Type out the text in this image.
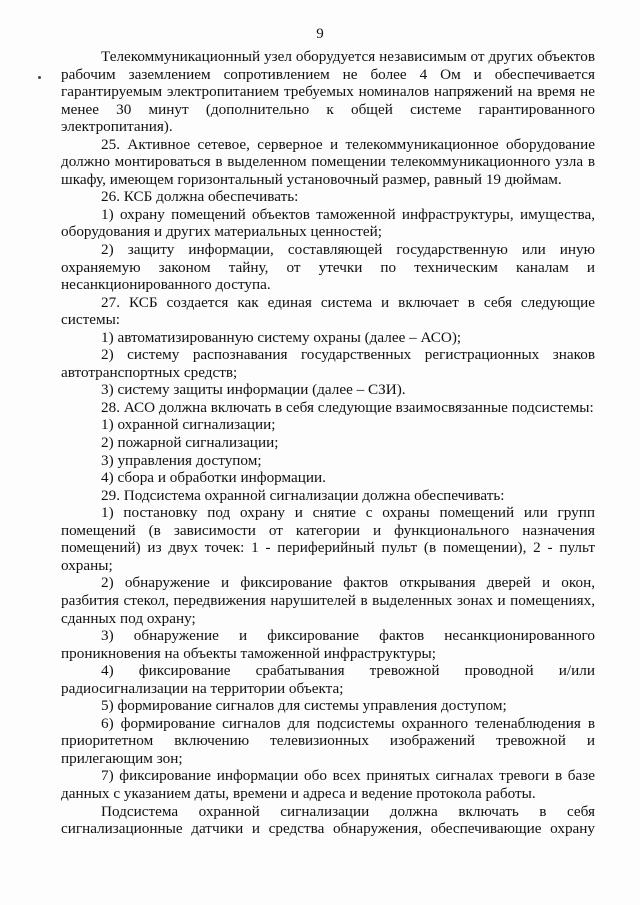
9

Телекоммуникационный узел оборудуется независимым от других объектов рабочим заземлением сопротивлением не более 4 Ом и обеспечивается гарантируемым электропитанием требуемых номиналов напряжений на время не менее 30 минут (дополнительно к общей системе гарантированного электропитания).

25. Активное сетевое, серверное и телекоммуникационное оборудование должно монтироваться в выделенном помещении телекоммуникационного узла в шкафу, имеющем горизонтальный установочный размер, равный 19 дюймам.

26. КСБ должна обеспечивать:

1) охрану помещений объектов таможенной инфраструктуры, имущества, оборудования и других материальных ценностей;

2) защиту информации, составляющей государственную или иную охраняемую законом тайну, от утечки по техническим каналам и несанкционированного доступа.

27. КСБ создается как единая система и включает в себя следующие системы:

1) автоматизированную систему охраны (далее – АСО);

2) систему распознавания государственных регистрационных знаков автотранспортных средств;

3) систему защиты информации (далее – СЗИ).

28. АСО должна включать в себя следующие взаимосвязанные подсистемы:

1) охранной сигнализации;

2) пожарной сигнализации;

3) управления доступом;

4) сбора и обработки информации.

29. Подсистема охранной сигнализации должна обеспечивать:

1) постановку под охрану и снятие с охраны помещений или групп помещений (в зависимости от категории и функционального назначения помещений) из двух точек: 1 - периферийный пульт (в помещении), 2 - пульт охраны;

2) обнаружение и фиксирование фактов открывания дверей и окон, разбития стекол, передвижения нарушителей в выделенных зонах и помещениях, сданных под охрану;

3) обнаружение и фиксирование фактов несанкционированного проникновения на объекты таможенной инфраструктуры;

4) фиксирование срабатывания тревожной проводной и/или радиосигнализации на территории объекта;

5) формирование сигналов для системы управления доступом;

6) формирование сигналов для подсистемы охранного теленаблюдения в приоритетном включению телевизионных изображений тревожной и прилегающим зон;

7) фиксирование информации обо всех принятых сигналах тревоги в базе данных с указанием даты, времени и адреса и ведение протокола работы.

Подсистема охранной сигнализации должна включать в себя сигнализационные датчики и средства обнаружения, обеспечивающие охрану
